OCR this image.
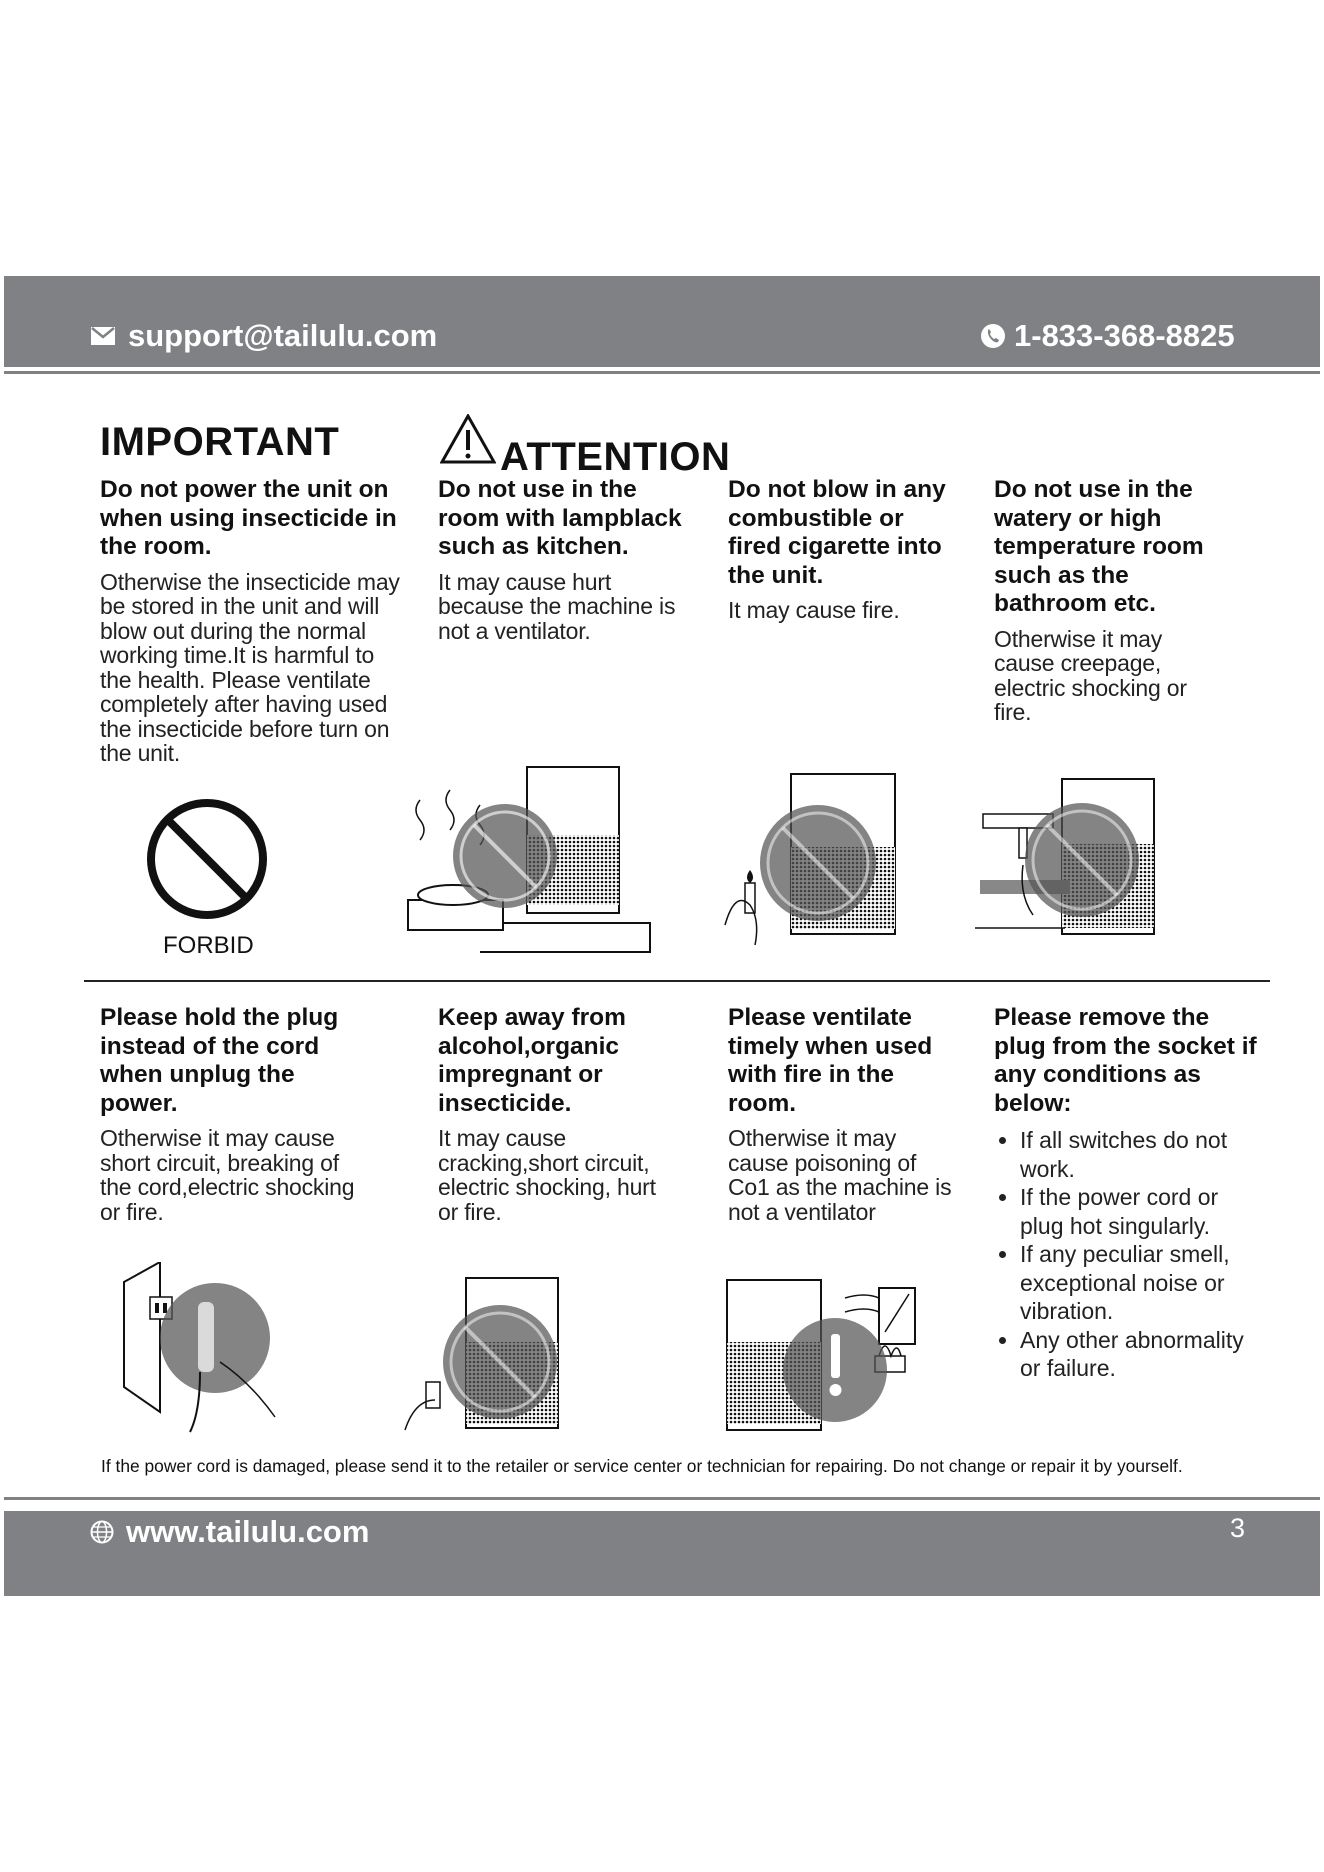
support@tailulu.com	1-833-368-8825
IMPORTANT	ATTENTION
Do not power the unit on when using insecticide in the room.

Otherwise the insecticide may be stored in the unit and will blow out during the normal working time.It is harmful to the health. Please ventilate completely after having used the insecticide before turn on the unit.

Do not use in the room with lampblack such as kitchen.

It may cause hurt because the machine is not a ventilator.

Do not blow in any combustible or fired cigarette into the unit.

It may cause fire.

Do not use in the watery or high temperature room such as the bathroom etc.

Otherwise it may cause creepage, electric shocking or fire.

FORBID
Please hold the plug instead of the cord when unplug the power.

Otherwise it may cause short circuit, breaking of the cord,electric shocking or fire.

Keep away from alcohol,organic impregnant or insecticide.

It may cause cracking,short circuit, electric shocking, hurt or fire.

Please ventilate timely when used with fire in the room.

Otherwise it may cause poisoning of Co1 as the machine is not a ventilator

Please remove the plug from the socket if any conditions as below:
• If all switches do not work.
• If the power cord or plug hot singularly.
• If any peculiar smell, exceptional noise or vibration.
• Any other abnormality or failure.
If the power cord is damaged, please send it to the retailer or service center or technician for repairing. Do not change or repair it by yourself.
www.tailulu.com	3
